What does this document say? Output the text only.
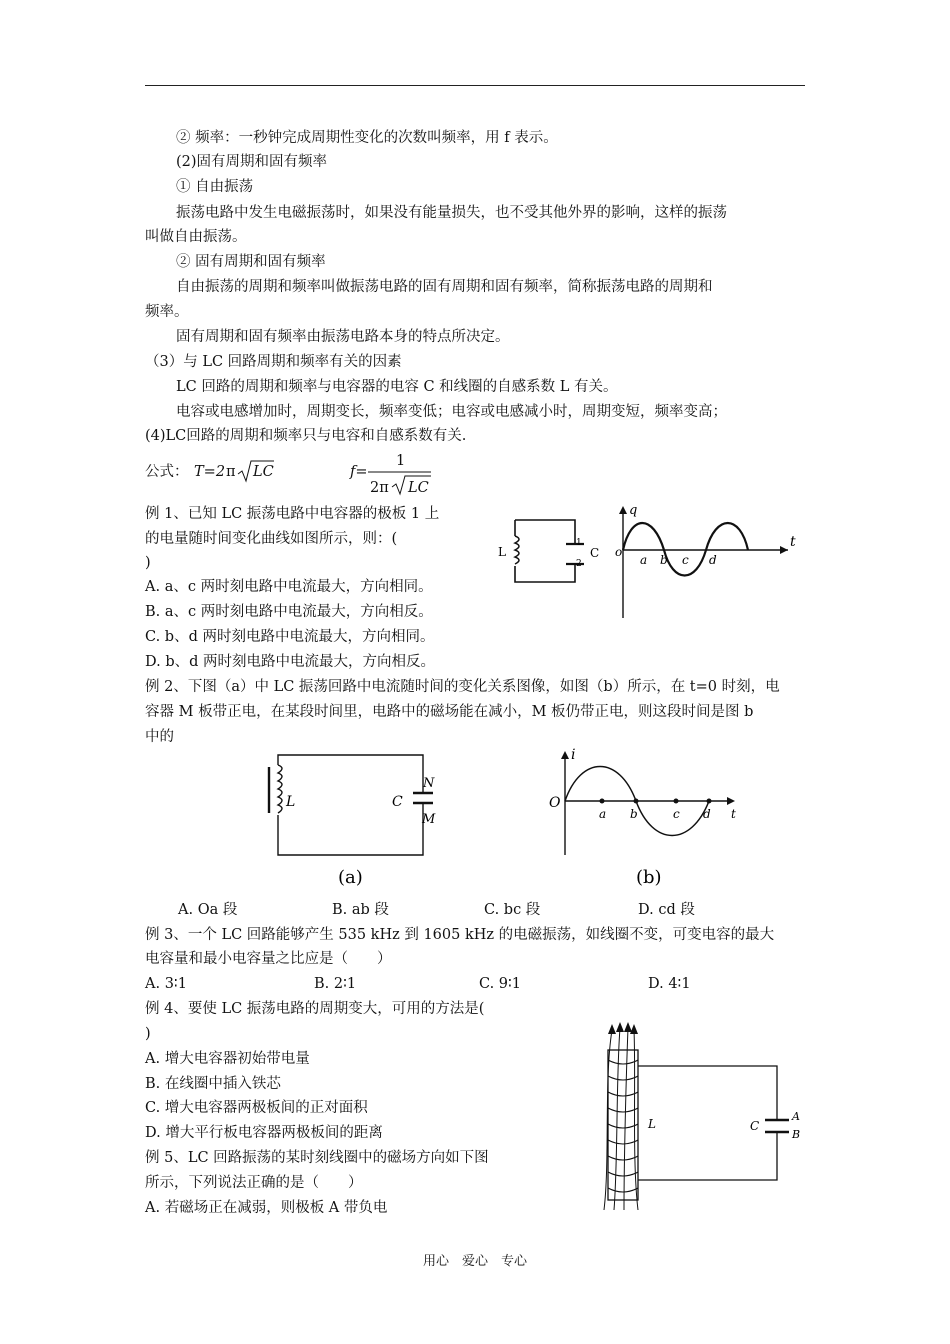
② 频率：一秒钟完成周期性变化的次数叫频率，用 f 表示。
(2)固有周期和固有频率
① 自由振荡
振荡电路中发生电磁振荡时，如果没有能量损失，也不受其他外界的影响，这样的振荡
叫做自由振荡。
② 固有周期和固有频率
自由振荡的周期和频率叫做振荡电路的固有周期和固有频率，简称振荡电路的周期和
频率。
固有周期和固有频率由振荡电路本身的特点所决定。
（3）与 LC 回路周期和频率有关的因素
LC 回路的周期和频率与电容器的电容 C 和线圈的自感系数 L 有关。
电容或电感增加时，周期变长，频率变低；电容或电感减小时，周期变短，频率变高；
(4)LC回路的周期和频率只与电容和自感系数有关.
公式： T=2 π LC	f=
1
2π LC
例 1、已知 LC 振荡电路中电容器的极板 1 上
的电量随时间变化曲线如图所示，则：(
)
A. a、c 两时刻电路中电流最大，方向相同。
B. a、c 两时刻电路中电流最大，方向相反。
C. b、d 两时刻电路中电流最大，方向相同。
D. b、d 两时刻电路中电流最大，方向相反。
L	C
1
2
q
t
o
a b c d
例 2、下图（a）中 LC 振荡回路中电流随时间的变化关系图像，如图（b）所示，在 t=0 时刻，电
容器 M 板带正电，在某段时间里，电路中的磁场能在减小，M 板仍带正电，则这段时间是图 b
中的
L	C
N
M
(a)
i
O
a b	c d t
(b)
A. Oa 段	B. ab 段	C. bc 段	D. cd 段
例 3、一个 LC 回路能够产生 535 kHz 到 1605 kHz 的电磁振荡，如线圈不变，可变电容的最大
电容量和最小电容量之比应是（　　）
A. 3∶1	B. 2∶1	C. 9∶1	D. 4∶1
例 4、要使 LC 振荡电路的周期变大，可用的方法是(
)
A. 增大电容器初始带电量
B. 在线圈中插入铁芯
C. 增大电容器两极板间的正对面积
D. 增大平行板电容器两极板间的距离
例 5、LC 回路振荡的某时刻线圈中的磁场方向如下图
所示，下列说法正确的是（　　）
A. 若磁场正在减弱，则极板 A 带负电
L	C
A
B
用心　爱心　专心
